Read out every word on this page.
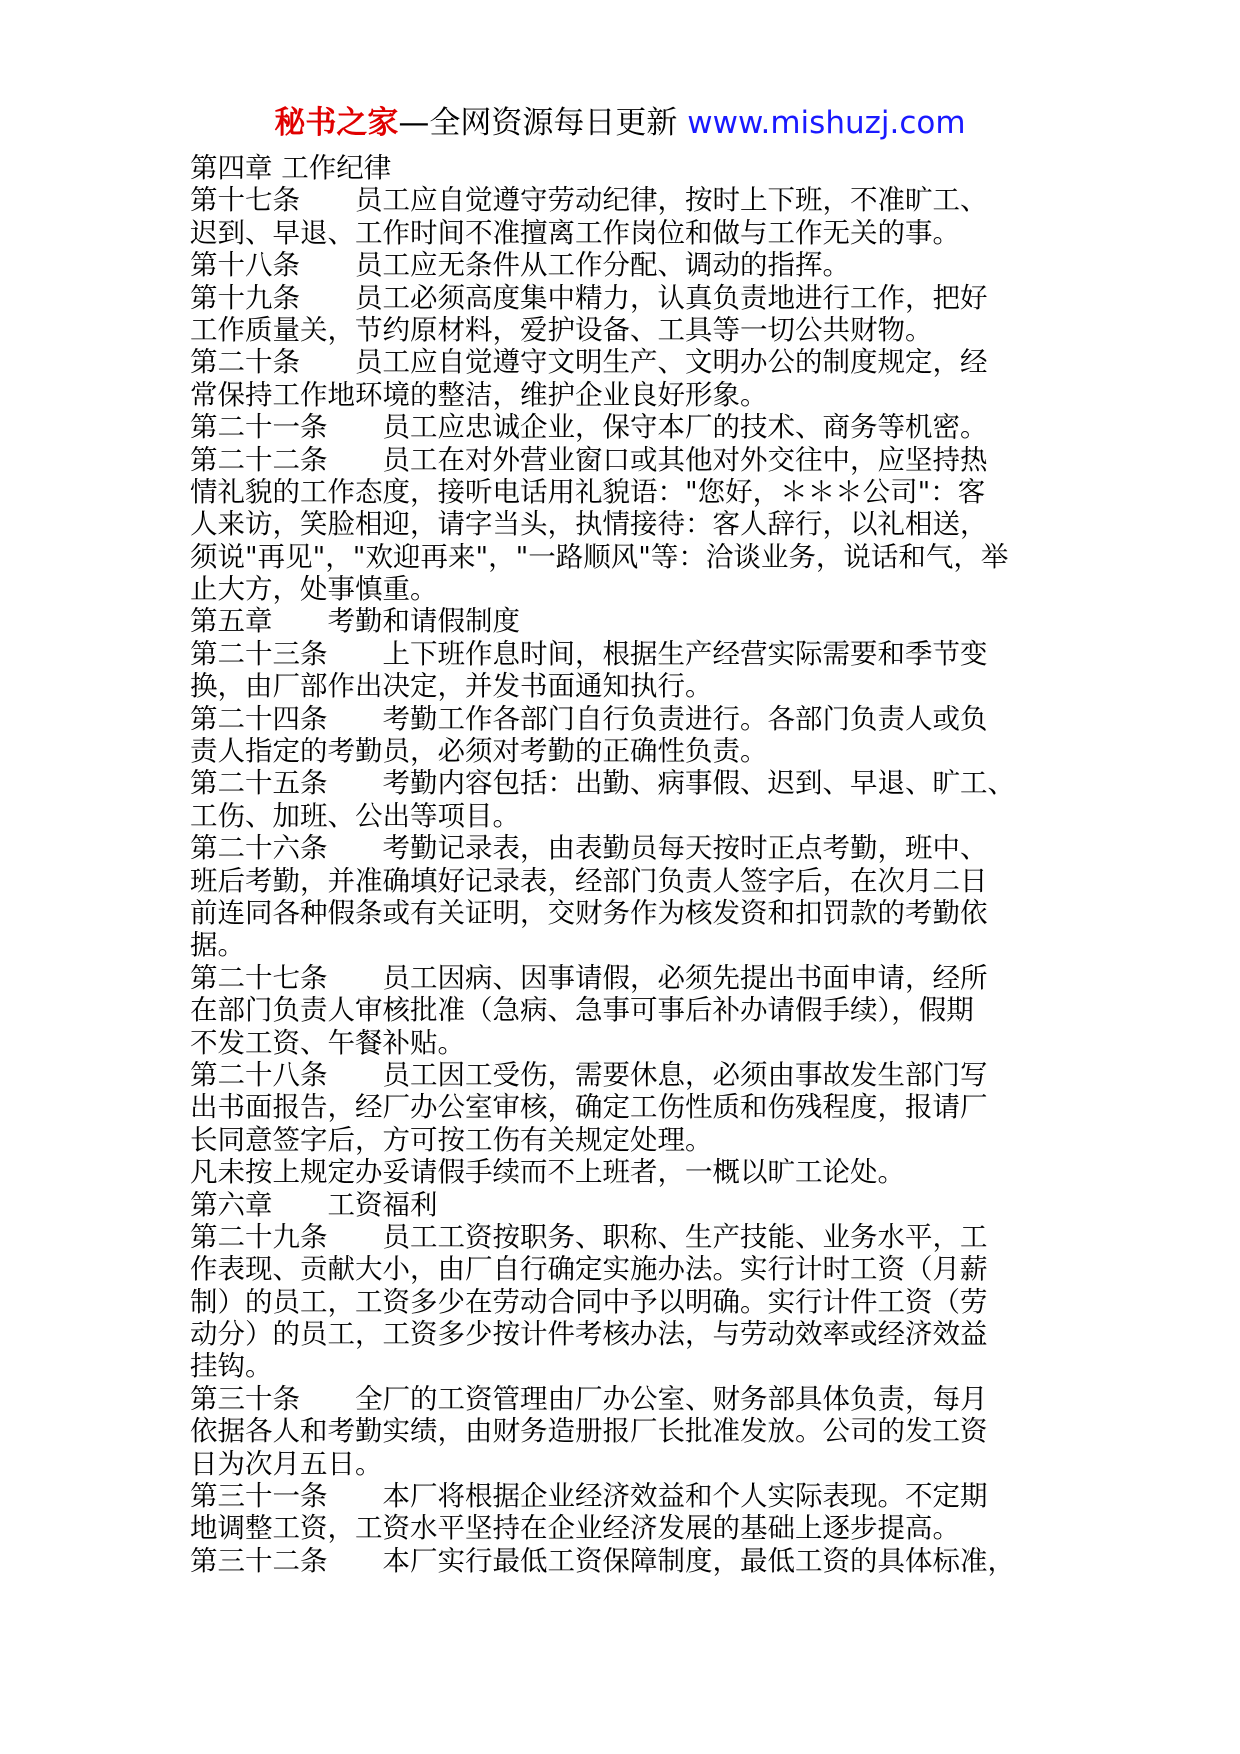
秘书之家—全网资源每日更新 www.mishuzj.com

第四章 工作纪律

第十七条　　员工应自觉遵守劳动纪律，按时上下班，不准旷工、

迟到、早退、工作时间不准擅离工作岗位和做与工作无关的事。

第十八条　　员工应无条件从工作分配、调动的指挥。

第十九条　　员工必须高度集中精力，认真负责地进行工作，把好

工作质量关，节约原材料，爱护设备、工具等一切公共财物。

第二十条　　员工应自觉遵守文明生产、文明办公的制度规定，经

常保持工作地环境的整洁，维护企业良好形象。

第二十一条　　员工应忠诚企业，保守本厂的技术、商务等机密。

第二十二条　　员工在对外营业窗口或其他对外交往中，应坚持热

情礼貌的工作态度，接听电话用礼貌语："您好，＊＊＊公司"：客

人来访，笑脸相迎，请字当头，执情接待：客人辞行，以礼相送，

须说"再见"，"欢迎再来"，"一路顺风"等：洽谈业务，说话和气，举

止大方，处事慎重。

第五章　　考勤和请假制度

第二十三条　　上下班作息时间，根据生产经营实际需要和季节变

换，由厂部作出决定，并发书面通知执行。

第二十四条　　考勤工作各部门自行负责进行。各部门负责人或负

责人指定的考勤员，必须对考勤的正确性负责。

第二十五条　　考勤内容包括：出勤、病事假、迟到、早退、旷工、

工伤、加班、公出等项目。

第二十六条　　考勤记录表，由表勤员每天按时正点考勤，班中、

班后考勤，并准确填好记录表，经部门负责人签字后，在次月二日

前连同各种假条或有关证明，交财务作为核发资和扣罚款的考勤依

据。

第二十七条　　员工因病、因事请假，必须先提出书面申请，经所

在部门负责人审核批准（急病、急事可事后补办请假手续），假期

不发工资、午餐补贴。

第二十八条　　员工因工受伤，需要休息，必须由事故发生部门写

出书面报告，经厂办公室审核，确定工伤性质和伤残程度，报请厂

长同意签字后，方可按工伤有关规定处理。

凡未按上规定办妥请假手续而不上班者，一概以旷工论处。

第六章　　工资福利

第二十九条　　员工工资按职务、职称、生产技能、业务水平，工

作表现、贡献大小，由厂自行确定实施办法。实行计时工资（月薪

制）的员工，工资多少在劳动合同中予以明确。实行计件工资（劳

动分）的员工，工资多少按计件考核办法，与劳动效率或经济效益

挂钩。

第三十条　　全厂的工资管理由厂办公室、财务部具体负责，每月

依据各人和考勤实绩，由财务造册报厂长批准发放。公司的发工资

日为次月五日。

第三十一条　　本厂将根据企业经济效益和个人实际表现。不定期

地调整工资，工资水平坚持在企业经济发展的基础上逐步提高。

第三十二条　　本厂实行最低工资保障制度，最低工资的具体标准，
